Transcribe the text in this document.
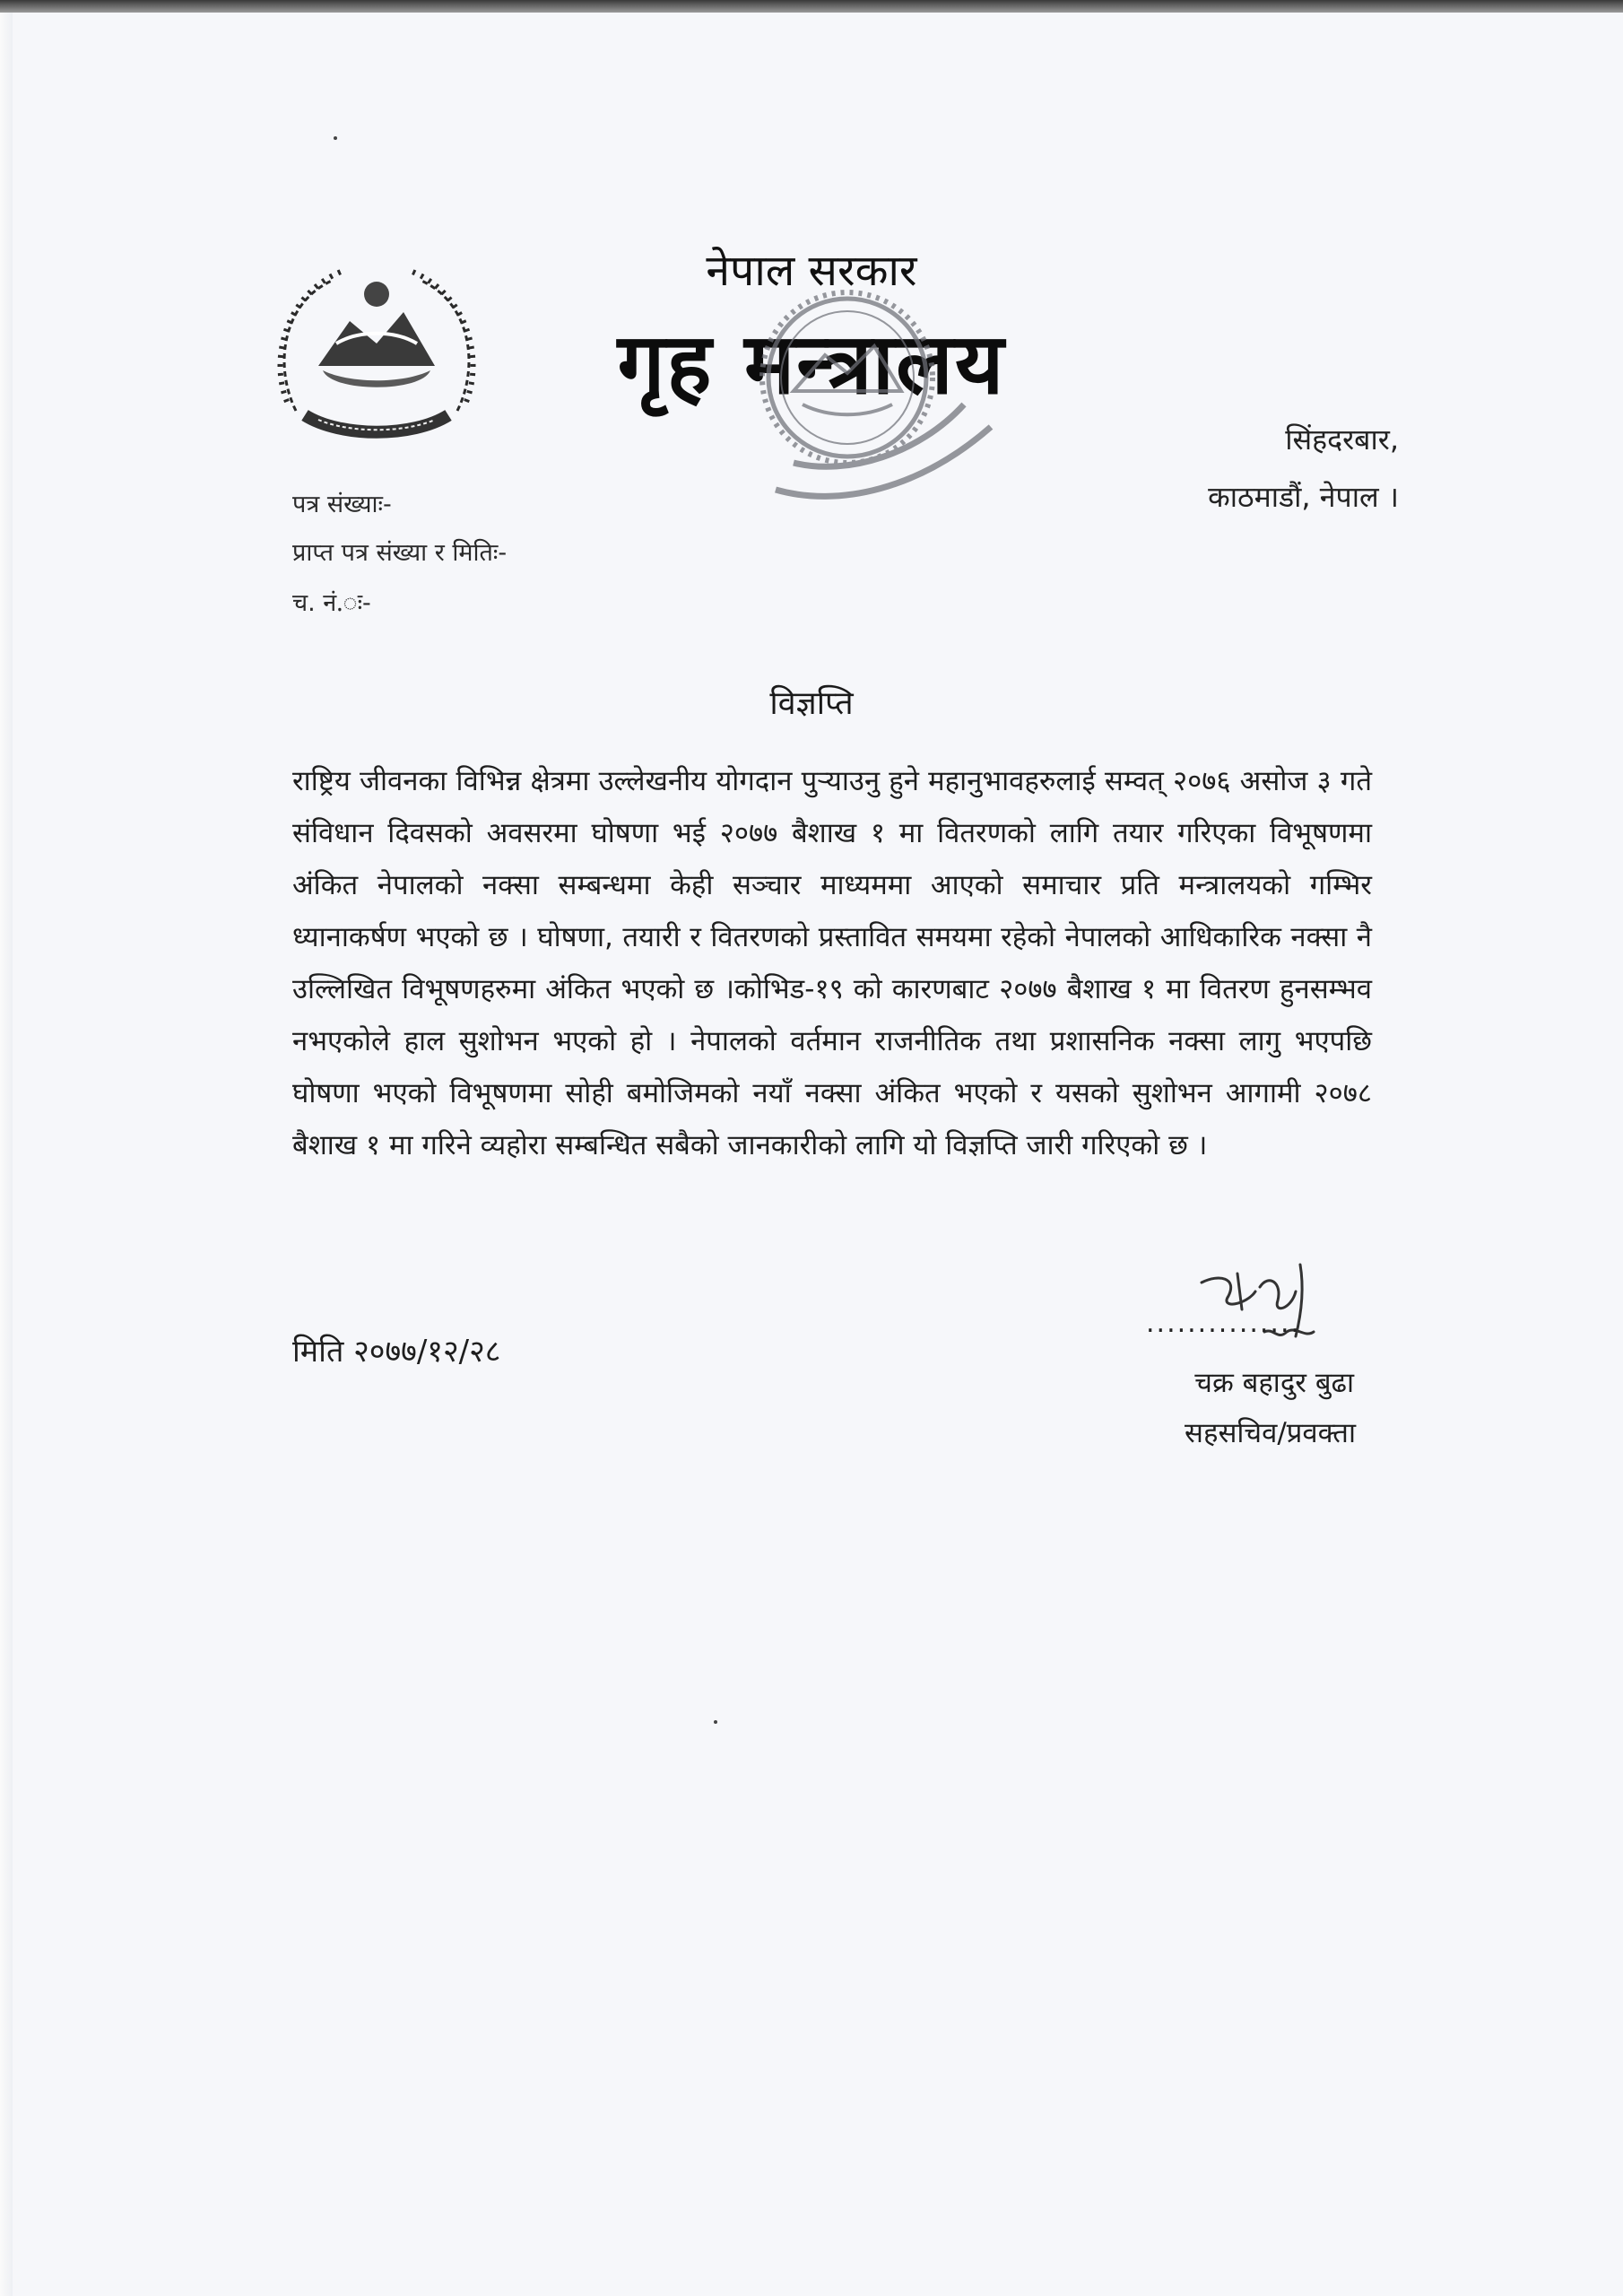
नेपाल सरकार
गृह मन्त्रालय
सिंहदरबार,
काठमाडौं, नेपाल ।
पत्र संख्याः-
प्राप्त पत्र संख्या र मितिः-
च. नं.ः-
विज्ञप्ति
राष्ट्रिय जीवनका विभिन्न क्षेत्रमा उल्लेखनीय योगदान पुर्‍याउनु हुने महानुभावहरुलाई सम्वत् २०७६ असोज ३ गते संविधान दिवसको अवसरमा घोषणा भई २०७७ बैशाख १ मा वितरणको लागि तयार गरिएका विभूषणमा अंकित नेपालको नक्सा सम्बन्धमा केही सञ्चार माध्यममा आएको समाचार प्रति मन्त्रालयको गम्भिर ध्यानाकर्षण भएको छ । घोषणा, तयारी र वितरणको प्रस्तावित समयमा रहेको नेपालको आधिकारिक नक्सा नै उल्लिखित विभूषणहरुमा अंकित भएको छ ।कोभिड-१९ को कारणबाट २०७७ बैशाख १ मा वितरण हुनसम्भव नभएकोले हाल सुशोभन भएको हो । नेपालको वर्तमान राजनीतिक तथा प्रशासनिक नक्सा लागु भएपछि घोषणा भएको विभूषणमा सोही बमोजिमको नयाँ नक्सा अंकित भएको र यसको सुशोभन आगामी २०७८ बैशाख १ मा गरिने व्यहोरा सम्बन्धित सबैको जानकारीको लागि यो विज्ञप्ति जारी गरिएको छ ।
मिति २०७७/१२/२८
...............
चक्र बहादुर बुढा
सहसचिव/प्रवक्ता
